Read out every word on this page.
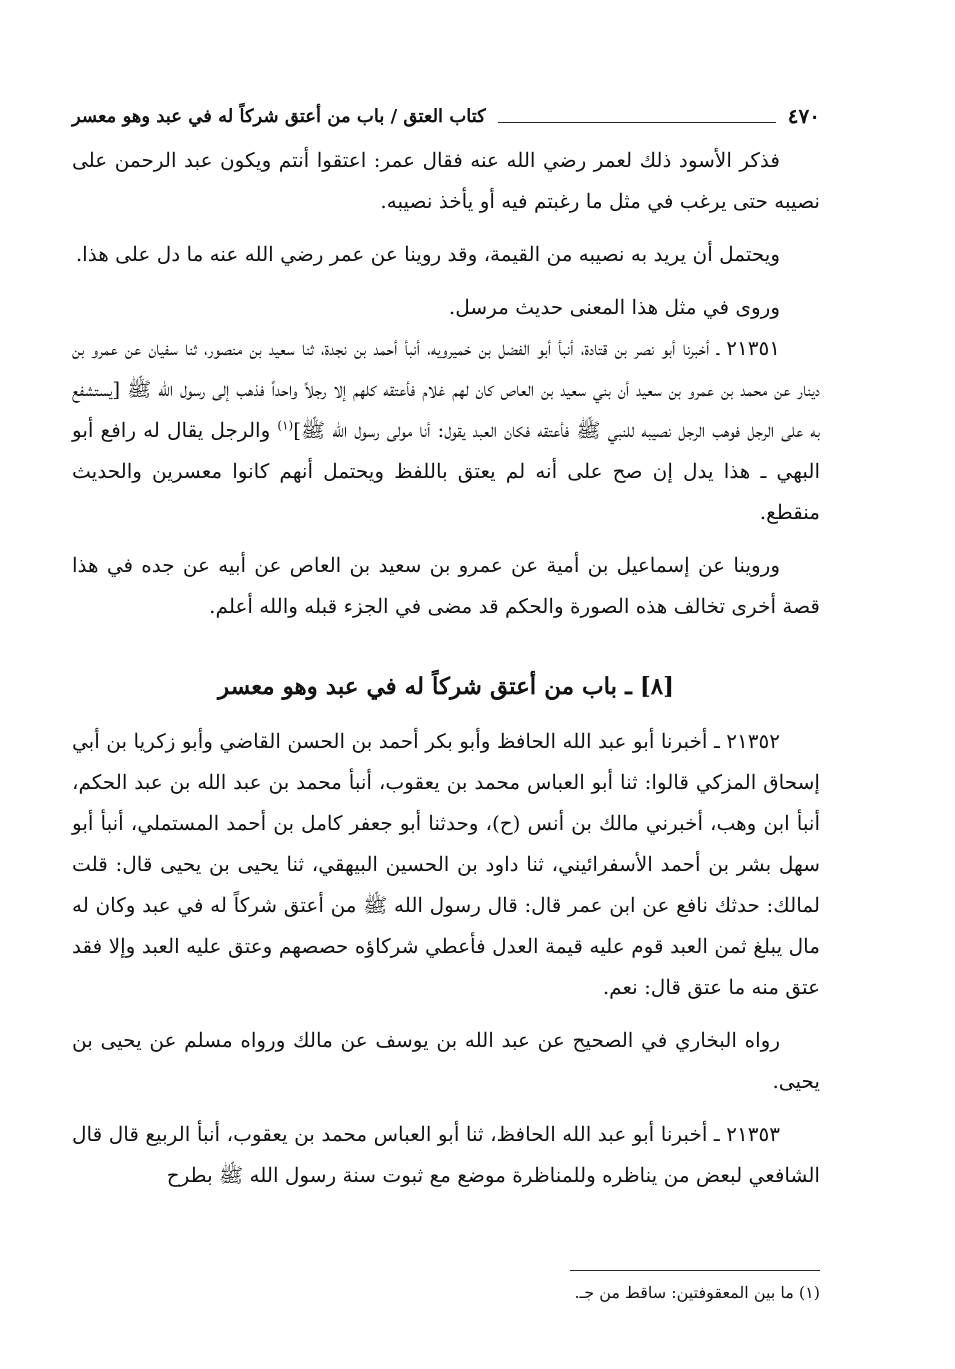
٤٧٠
كتاب العتق / باب من أعتق شركاً له في عبد وهو معسر

فذكر الأسود ذلك لعمر رضي الله عنه فقال عمر: اعتقوا أنتم ويكون عبد الرحمن على نصيبه حتى يرغب في مثل ما رغبتم فيه أو يأخذ نصيبه.

ويحتمل أن يريد به نصيبه من القيمة، وقد روينا عن عمر رضي الله عنه ما دل على هذا.

وروى في مثل هذا المعنى حديث مرسل.

٢١٣٥١ ـ أخبرنا أبو نصر بن قتادة، أنبأ أبو الفضل بن خميرويه، أنبأ أحمد بن نجدة، ثنا سعيد بن منصور، ثنا سفيان عن عمرو بن دينار عن محمد بن عمرو بن سعيد أن بني سعيد بن العاص كان لهم غلام فأعتقه كلهم إلا رجلاً واحداً فذهب إلى رسول الله ﷺ [يستشفع به على الرجل فوهب الرجل نصيبه للنبي ﷺ فأعتقه فكان العبد يقول: أنا مولى رسول الله ﷺ]$^{(١)}$ والرجل يقال له رافع أبو البهي ـ هذا يدل إن صح على أنه لم يعتق باللفظ ويحتمل أنهم كانوا معسرين والحديث منقطع.

وروينا عن إسماعيل بن أمية عن عمرو بن سعيد بن العاص عن أبيه عن جده في هذا قصة أخرى تخالف هذه الصورة والحكم قد مضى في الجزء قبله والله أعلم.

[٨] ـ باب من أعتق شركاً له في عبد وهو معسر

٢١٣٥٢ ـ أخبرنا أبو عبد الله الحافظ وأبو بكر أحمد بن الحسن القاضي وأبو زكريا بن أبي إسحاق المزكي قالوا: ثنا أبو العباس محمد بن يعقوب، أنبأ محمد بن عبد الله بن عبد الحكم، أنبأ ابن وهب، أخبرني مالك بن أنس (ح)، وحدثنا أبو جعفر كامل بن أحمد المستملي، أنبأ أبو سهل بشر بن أحمد الأسفرائيني، ثنا داود بن الحسين البيهقي، ثنا يحيى بن يحيى قال: قلت لمالك: حدثك نافع عن ابن عمر قال: قال رسول الله ﷺ من أعتق شركاً له في عبد وكان له مال يبلغ ثمن العبد قوم عليه قيمة العدل فأعطي شركاؤه حصصهم وعتق عليه العبد وإلا فقد عتق منه ما عتق قال: نعم.

رواه البخاري في الصحيح عن عبد الله بن يوسف عن مالك ورواه مسلم عن يحيى بن يحيى.

٢١٣٥٣ ـ أخبرنا أبو عبد الله الحافظ، ثنا أبو العباس محمد بن يعقوب، أنبأ الربيع قال قال الشافعي لبعض من يناظره وللمناظرة موضع مع ثبوت سنة رسول الله ﷺ بطرح

(١) ما بين المعقوفتين: ساقط من جـ.
